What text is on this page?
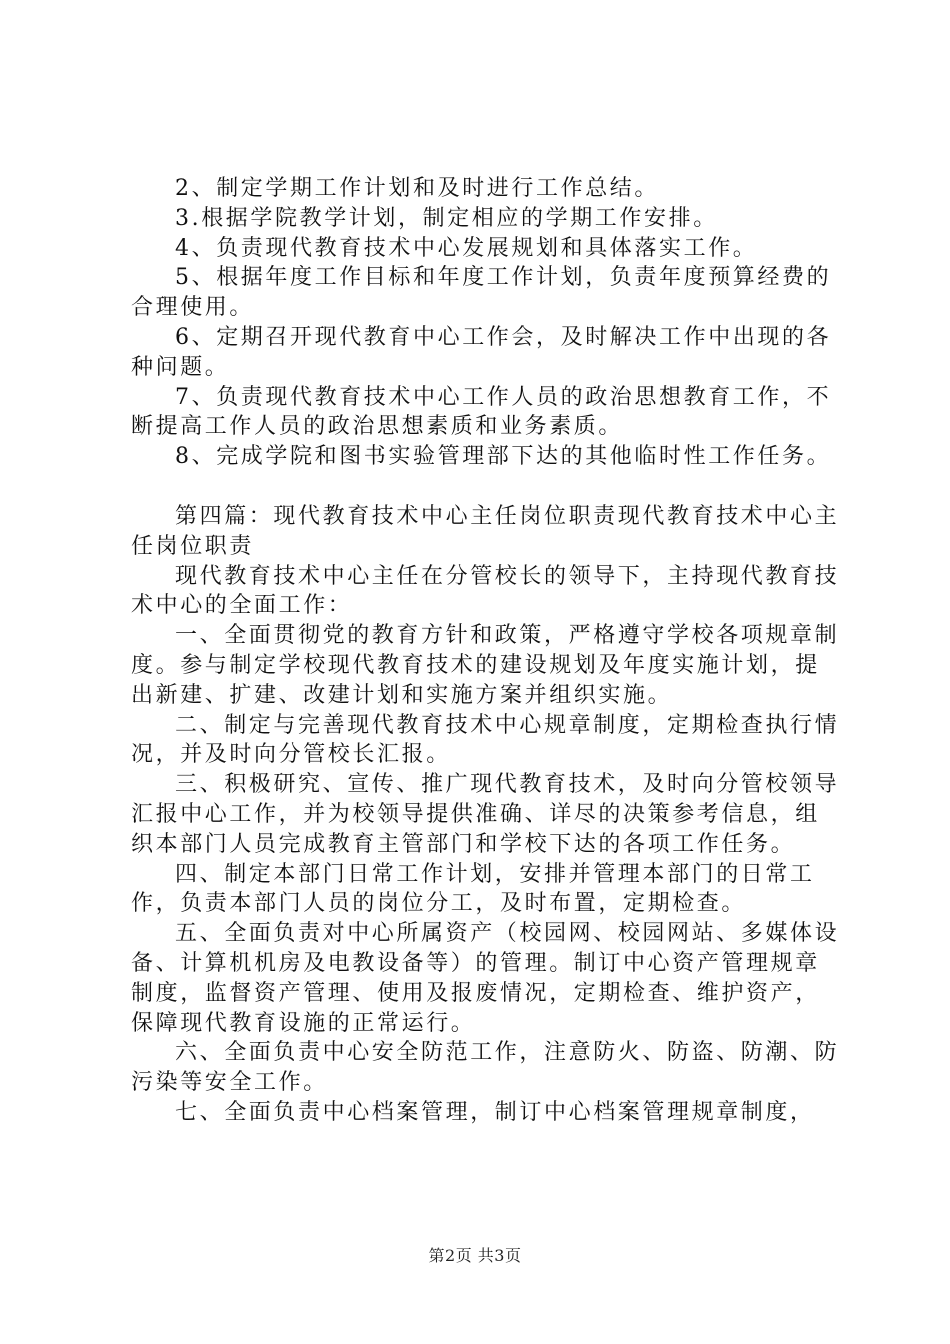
2、制定学期工作计划和及时进行工作总结。

3.根据学院教学计划，制定相应的学期工作安排。

4、负责现代教育技术中心发展规划和具体落实工作。

5、根据年度工作目标和年度工作计划，负责年度预算经费的合理使用。

6、定期召开现代教育中心工作会，及时解决工作中出现的各种问题。

7、负责现代教育技术中心工作人员的政治思想教育工作，不断提高工作人员的政治思想素质和业务素质。

8、完成学院和图书实验管理部下达的其他临时性工作任务。

第四篇：现代教育技术中心主任岗位职责现代教育技术中心主任岗位职责

现代教育技术中心主任在分管校长的领导下，主持现代教育技术中心的全面工作：

一、全面贯彻党的教育方针和政策，严格遵守学校各项规章制度。参与制定学校现代教育技术的建设规划及年度实施计划，提出新建、扩建、改建计划和实施方案并组织实施。

二、制定与完善现代教育技术中心规章制度，定期检查执行情况，并及时向分管校长汇报。

三、积极研究、宣传、推广现代教育技术，及时向分管校领导汇报中心工作，并为校领导提供准确、详尽的决策参考信息，组织本部门人员完成教育主管部门和学校下达的各项工作任务。

四、制定本部门日常工作计划，安排并管理本部门的日常工作，负责本部门人员的岗位分工，及时布置，定期检查。

五、全面负责对中心所属资产（校园网、校园网站、多媒体设备、计算机机房及电教设备等）的管理。制订中心资产管理规章制度，监督资产管理、使用及报废情况，定期检查、维护资产，保障现代教育设施的正常运行。

六、全面负责中心安全防范工作，注意防火、防盗、防潮、防污染等安全工作。

七、全面负责中心档案管理，制订中心档案管理规章制度，

第2页 共3页
